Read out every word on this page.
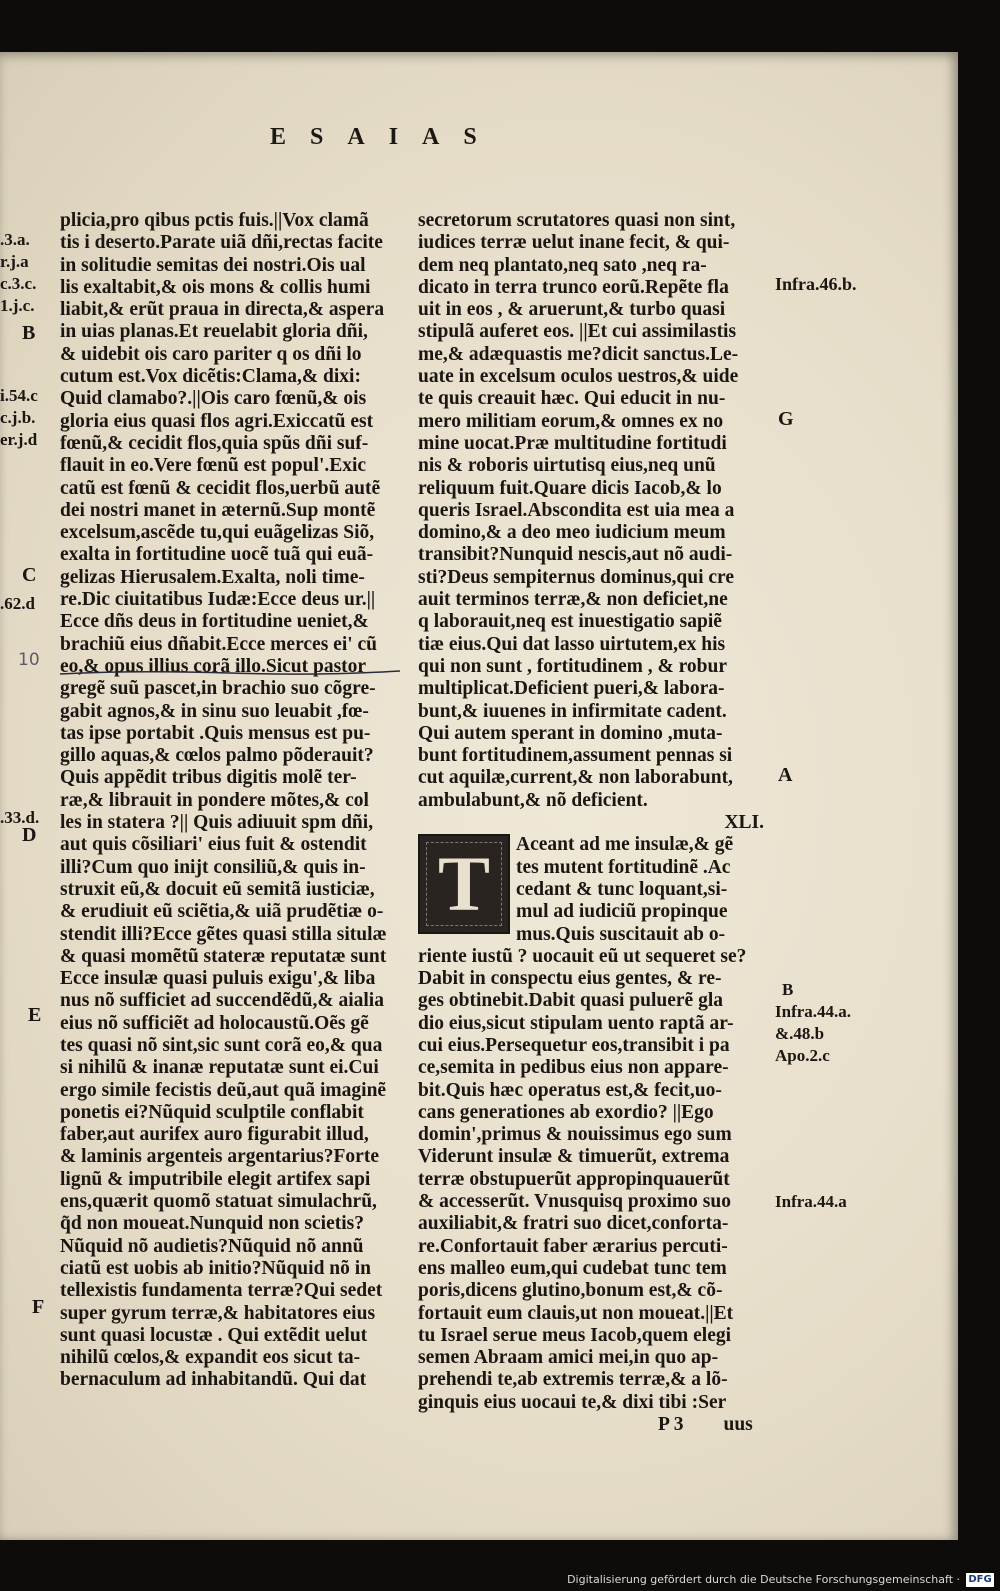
ESAIAS
plicia,pro qibus pctis fuis.||Vox clamã
tis i deserto.Parate uiã dñi,rectas facite
in solitudie semitas dei nostri.Ois ual
lis exaltabit,& ois mons & collis humi
liabit,& erũt praua in directa,& aspera
in uias planas.Et reuelabit gloria dñi,
& uidebit ois caro pariter q os dñi lo
cutum est.Vox dicẽtis:Clama,& dixi:
Quid clamabo?.||Ois caro fœnũ,& ois
gloria eius quasi flos agri.Exiccatũ est
fœnũ,& cecidit flos,quia spũs dñi suf-
flauit in eo.Vere fœnũ est popul'.Exic
catũ est fœnũ & cecidit flos,uerbũ autẽ
dei nostri manet in æternũ.Sup montẽ
excelsum,ascẽde tu,qui euãgelizas Siõ,
exalta in fortitudine uocẽ tuã qui euã-
gelizas Hierusalem.Exalta, noli time-
re.Dic ciuitatibus Iudæ:Ecce deus ur.||
Ecce dñs deus in fortitudine ueniet,&
brachiũ eius dñabit.Ecce merces ei' cũ
eo,& opus illius corã illo.Sicut pastor
gregẽ suũ pascet,in brachio suo cõgre-
gabit agnos,& in sinu suo leuabit ,fœ-
tas ipse portabit .Quis mensus est pu-
gillo aquas,& cœlos palmo põderauit?
Quis appẽdit tribus digitis molẽ ter-
ræ,& librauit in pondere mõtes,& col
les in statera ?|| Quis adiuuit spm dñi,
aut quis cõsiliari' eius fuit & ostendit
illi?Cum quo inijt consiliũ,& quis in-
struxit eũ,& docuit eũ semitã iusticiæ,
& erudiuit eũ sciẽtia,& uiã prudẽtiæ o-
stendit illi?Ecce gẽtes quasi stilla situlæ
& quasi momẽtũ stateræ reputatæ sunt
Ecce insulæ quasi puluis exigu',& liba
nus nõ sufficiet ad succendẽdũ,& aialia
eius nõ sufficiẽt ad holocaustũ.Oẽs gẽ
tes quasi nõ sint,sic sunt corã eo,& qua
si nihilũ & inanæ reputatæ sunt ei.Cui
ergo simile fecistis deũ,aut quã imaginẽ
ponetis ei?Nũquid sculptile conflabit
faber,aut aurifex auro figurabit illud,
& laminis argenteis argentarius?Forte
lignũ & imputribile elegit artifex sapi
ens,quærit quomõ statuat simulachrũ,
q̃d non moueat.Nunquid non scietis?
Nũquid nõ audietis?Nũquid nõ annũ
ciatũ est uobis ab initio?Nũquid nõ in
tellexistis fundamenta terræ?Qui sedet
super gyrum terræ,& habitatores eius
sunt quasi locustæ . Qui extẽdit uelut
nihilũ cœlos,& expandit eos sicut ta-
bernaculum ad inhabitandũ. Qui dat
secretorum scrutatores quasi non sint,
iudices terræ uelut inane fecit, & qui-
dem neq plantato,neq sato ,neq ra-
dicato in terra trunco eorũ.Repẽte fla
uit in eos , & aruerunt,& turbo quasi
stipulã auferet eos. ||Et cui assimilastis
me,& adæquastis me?dicit sanctus.Le-
uate in excelsum oculos uestros,& uide
te quis creauit hæc. Qui educit in nu-
mero militiam eorum,& omnes ex no
mine uocat.Præ multitudine fortitudi
nis & roboris uirtutisq eius,neq unũ
reliquum fuit.Quare dicis Iacob,& lo
queris Israel.Abscondita est uia mea a
domino,& a deo meo iudicium meum
transibit?Nunquid nescis,aut nõ audi-
sti?Deus sempiternus dominus,qui cre
auit terminos terræ,& non deficiet,ne
q laborauit,neq est inuestigatio sapiẽ
tiæ eius.Qui dat lasso uirtutem,ex his
qui non sunt , fortitudinem , & robur
multiplicat.Deficient pueri,& labora-
bunt,& iuuenes in infirmitate cadent.
Qui autem sperant in domino ,muta-
bunt fortitudinem,assument pennas si
cut aquilæ,current,& non laborabunt,
ambulabunt,& nõ deficient.
XLI.
T	Aceant ad me insulæ,& gẽ
tes mutent fortitudinẽ .Ac
cedant & tunc loquant,si-
mul ad iudiciũ propinque
mus.Quis suscitauit ab o-
riente iustũ ? uocauit eũ ut sequeret se?
Dabit in conspectu eius gentes, & re-
ges obtinebit.Dabit quasi puluerẽ gla
dio eius,sicut stipulam uento raptã ar-
cui eius.Persequetur eos,transibit i pa
ce,semita in pedibus eius non appare-
bit.Quis hæc operatus est,& fecit,uo-
cans generationes ab exordio? ||Ego
domin',primus & nouissimus ego sum
Viderunt insulæ & timuerũt, extrema
terræ obstupuerũt appropinquauerũt
& accesserũt. Vnusquisq proximo suo
auxiliabit,& fratri suo dicet,conforta-
re.Confortauit faber ærarius percuti-
ens malleo eum,qui cudebat tunc tem
poris,dicens glutino,bonum est,& cõ-
fortauit eum clauis,ut non moueat.||Et
tu Israel serue meus Iacob,quem elegi
semen Abraam amici mei,in quo ap-
prehendi te,ab extremis terræ,& a lõ-
ginquis eius uocaui te,& dixi tibi :Ser
P 3 uus
.3.a.
r.j.a
c.3.c.
1.j.c.
B
i.54.c
c.j.b.
er.j.d
C
.62.d
10
.33.d.
D
E
F
Infra.46.b.
G
A
B
Infra.44.a.
&.48.b
Apo.2.c
Infra.44.a
Digitalisierung gefördert durch die Deutsche Forschungsgemeinschaft · DFG
